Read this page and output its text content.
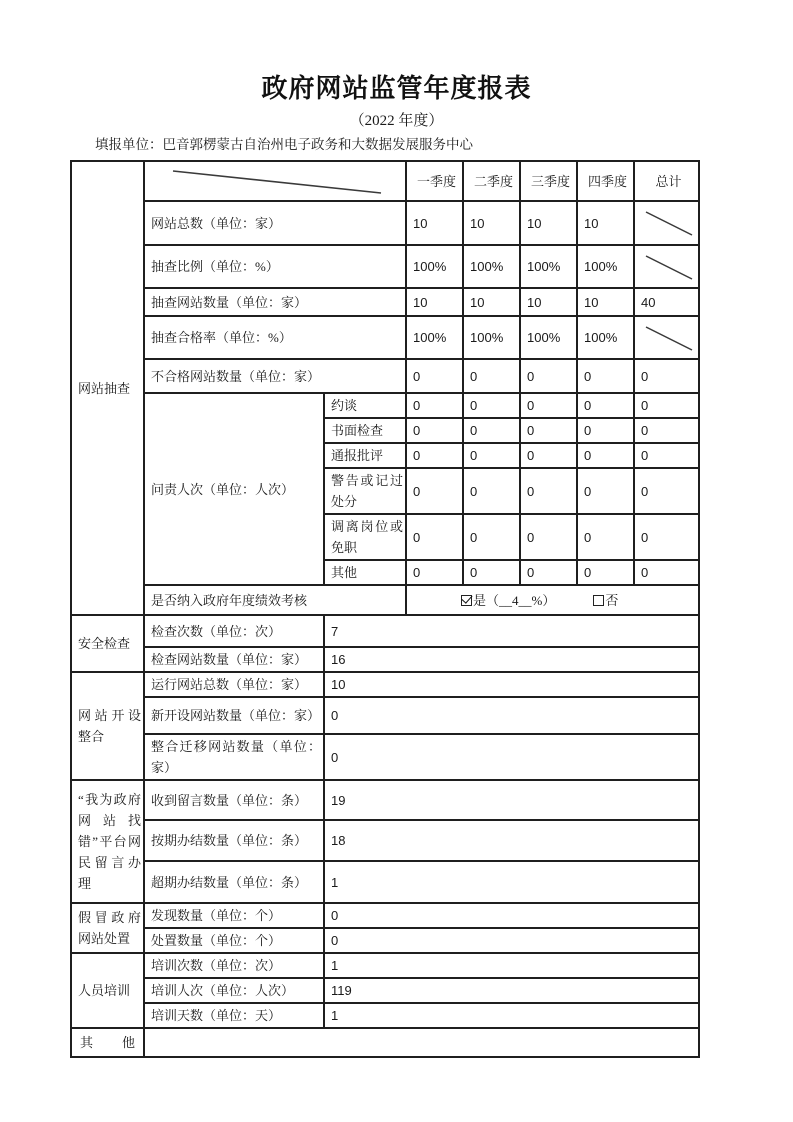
政府网站监管年度报表
（2022 年度）
填报单位：巴音郭楞蒙古自治州电子政务和大数据发展服务中心
网站抽查			一季度	二季度	三季度	四季度	总计
	网站总数（单位：家）		10	10	10	10	

	抽查比例（单位：%）		100%	100%	100%	100%	

	抽查网站数量（单位：家）		10	10	10	10	40
	抽查合格率（单位：%）		100%	100%	100%	100%	

	不合格网站数量（单位：家）		0	0	0	0	0
	问责人次（单位：人次）	约谈	0	0	0	0	0
		书面检查	0	0	0	0	0
		通报批评	0	0	0	0	0
		警告或记过处分	0	0	0	0	0
		调离岗位或免职	0	0	0	0	0
		其他	0	0	0	0	0
	是否纳入政府年度绩效考核		是（__4__%） 否				

安全检查	检查次数（单位：次）	7					
	检查网站数量（单位：家）	16					
网站开设整合	运行网站总数（单位：家）	10					
	新开设网站数量（单位：家）	0					
	整合迁移网站数量（单位：家）	0					
“我为政府网站找错”平台网民留言办理	收到留言数量（单位：条）	19					
	按期办结数量（单位：条）	18					
	超期办结数量（单位：条）	1					
假冒政府网站处置	发现数量（单位：个）	0					
	处置数量（单位：个）	0					
人员培训	培训次数（单位：次）	1					
	培训人次（单位：人次）	119					
	培训天数（单位：天）	1					
其　他							
